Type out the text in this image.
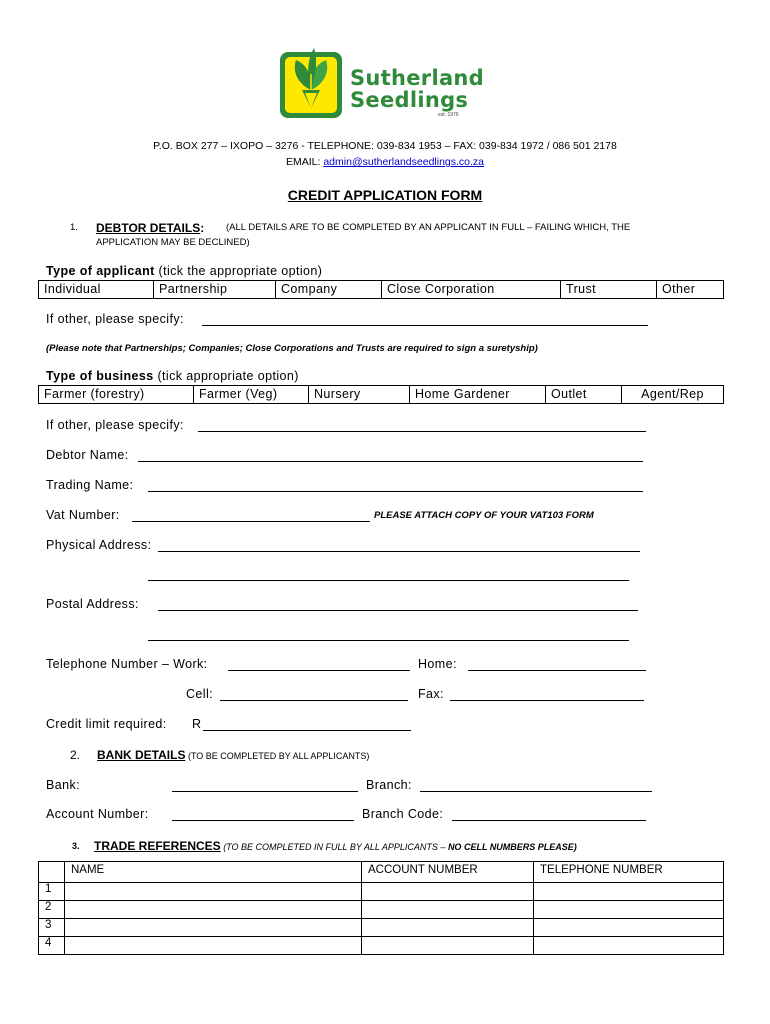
Sutherland
Seedlings
est. 1979
P.O. BOX 277 – IXOPO – 3276 - TELEPHONE: 039-834 1953 – FAX: 039-834 1972 / 086 501 2178
EMAIL: admin@sutherlandseedlings.co.za
CREDIT APPLICATION FORM
1. DEBTOR DETAILS: (ALL DETAILS ARE TO BE COMPLETED BY AN APPLICANT IN FULL – FAILING WHICH, THE
APPLICATION MAY BE DECLINED)
Type of applicant (tick the appropriate option)
Individual	Partnership	Company	Close Corporation	Trust	Other
If other, please specify:
(Please note that Partnerships; Companies; Close Corporations and Trusts are required to sign a suretyship)
Type of business (tick appropriate option)
Farmer (forestry)	Farmer (Veg)	Nursery	Home Gardener	Outlet	Agent/Rep
If other, please specify:
Debtor Name:
Trading Name:
Vat Number:	PLEASE ATTACH COPY OF YOUR VAT103 FORM
Physical Address:
Postal Address:
Telephone Number – Work:	Home:
Cell:	Fax:
Credit limit required: R
2. BANK DETAILS (TO BE COMPLETED BY ALL APPLICANTS)
Bank:	Branch:
Account Number:	Branch Code:
3. TRADE REFERENCES (TO BE COMPLETED IN FULL BY ALL APPLICANTS – NO CELL NUMBERS PLEASE)
	NAME	ACCOUNT NUMBER	TELEPHONE NUMBER
1			
2			
3			
4			
